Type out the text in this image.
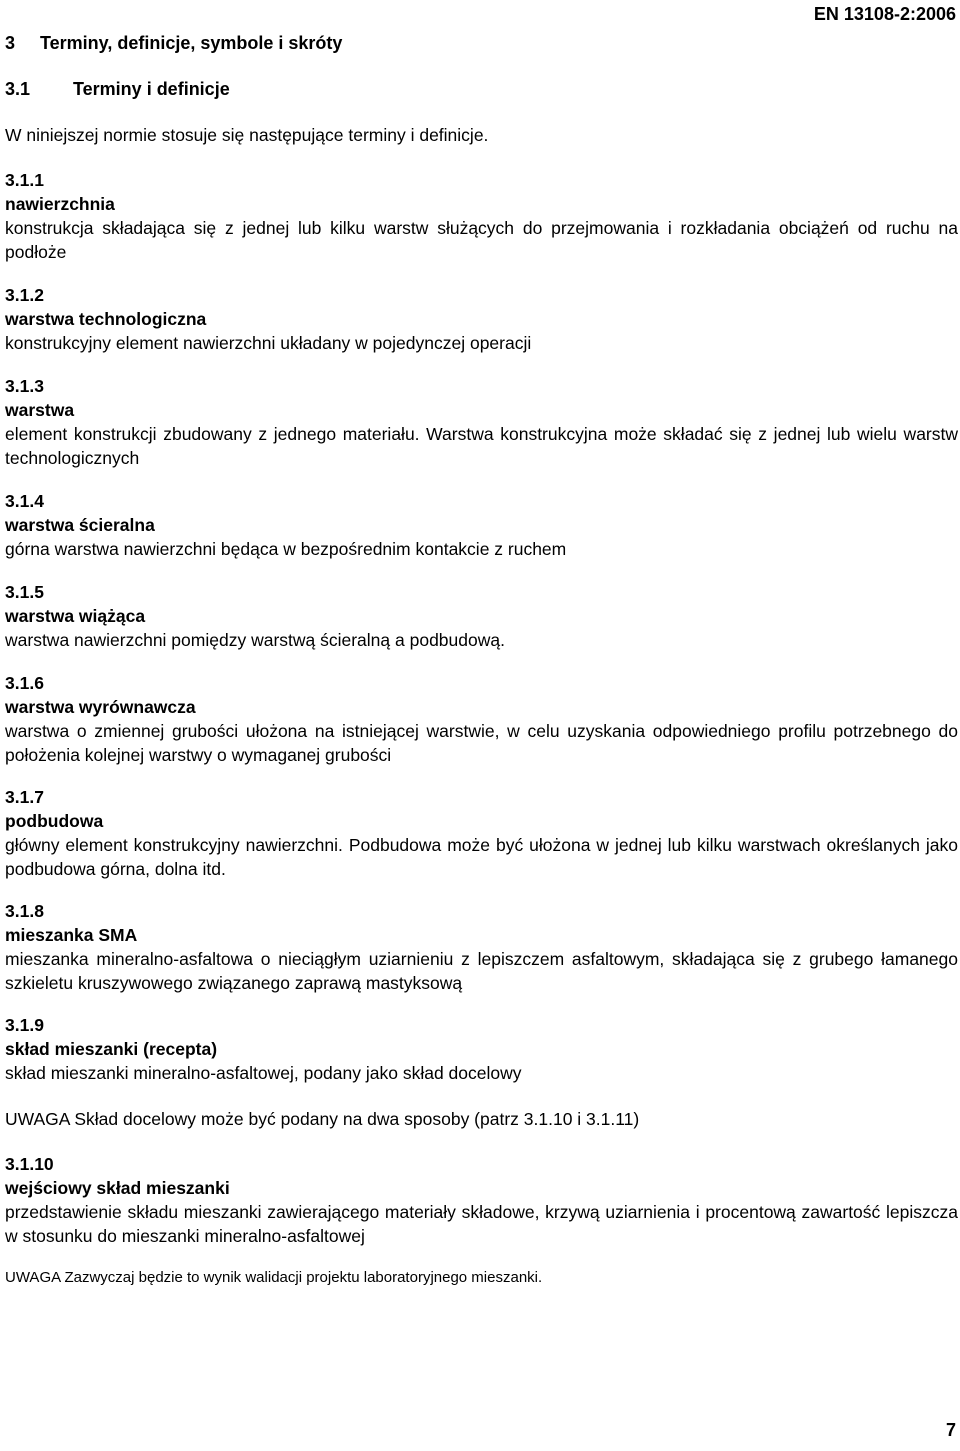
EN 13108-2:2006
3 Terminy, definicje, symbole i skróty
3.1 Terminy i definicje
W niniejszej normie stosuje się następujące terminy i definicje.
3.1.1
nawierzchnia
konstrukcja składająca się z jednej lub kilku warstw służących do przejmowania i rozkładania obciążeń od ruchu na podłoże
3.1.2
warstwa technologiczna
konstrukcyjny element nawierzchni układany w pojedynczej operacji
3.1.3
warstwa
element konstrukcji zbudowany z jednego materiału. Warstwa konstrukcyjna może składać się z jednej lub wielu warstw technologicznych
3.1.4
warstwa ścieralna
górna warstwa nawierzchni będąca w bezpośrednim kontakcie z ruchem
3.1.5
warstwa wiążąca
warstwa nawierzchni pomiędzy warstwą ścieralną a podbudową.
3.1.6
warstwa wyrównawcza
warstwa o zmiennej grubości ułożona na istniejącej warstwie, w celu uzyskania odpowiedniego profilu potrzebnego do położenia kolejnej warstwy o wymaganej grubości
3.1.7
podbudowa
główny element konstrukcyjny nawierzchni. Podbudowa może być ułożona w jednej lub kilku warstwach określanych jako podbudowa górna, dolna itd.
3.1.8
mieszanka SMA
mieszanka mineralno-asfaltowa o nieciągłym uziarnieniu z lepiszczem asfaltowym, składająca się z grubego łamanego szkieletu kruszywowego związanego zaprawą mastyksową
3.1.9
skład mieszanki (recepta)
skład mieszanki mineralno-asfaltowej, podany jako skład docelowy
UWAGA Skład docelowy może być podany na dwa sposoby (patrz 3.1.10 i 3.1.11)
3.1.10
wejściowy skład mieszanki
przedstawienie składu mieszanki zawierającego materiały składowe, krzywą uziarnienia i procentową zawartość lepiszcza w stosunku do mieszanki mineralno-asfaltowej
UWAGA Zazwyczaj będzie to wynik walidacji projektu laboratoryjnego mieszanki.
7
